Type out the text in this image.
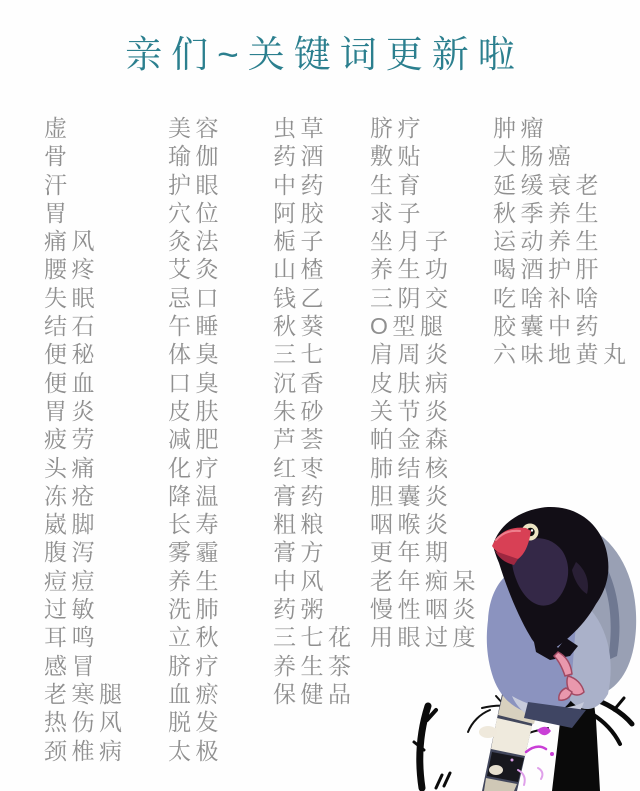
亲们~关键词更新啦
虚
骨
汗
胃
痛风
腰疼
失眠
结石
便秘
便血
胃炎
疲劳
头痛
冻疮
崴脚
腹泻
痘痘
过敏
耳鸣
感冒
老寒腿
热伤风
颈椎病
美容
瑜伽
护眼
穴位
灸法
艾灸
忌口
午睡
体臭
口臭
皮肤
减肥
化疗
降温
长寿
雾霾
养生
洗肺
立秋
脐疗
血瘀
脱发
太极
虫草
药酒
中药
阿胶
栀子
山楂
钱乙
秋葵
三七
沉香
朱砂
芦荟
红枣
膏药
粗粮
膏方
中风
药粥
三七花
养生茶
保健品
脐疗
敷贴
生育
求子
坐月子
养生功
三阴交
O型腿
肩周炎
皮肤病
关节炎
帕金森
肺结核
胆囊炎
咽喉炎
更年期
老年痴呆
慢性咽炎
用眼过度
肿瘤
大肠癌
延缓衰老
秋季养生
运动养生
喝酒护肝
吃啥补啥
胶囊中药
六味地黄丸
